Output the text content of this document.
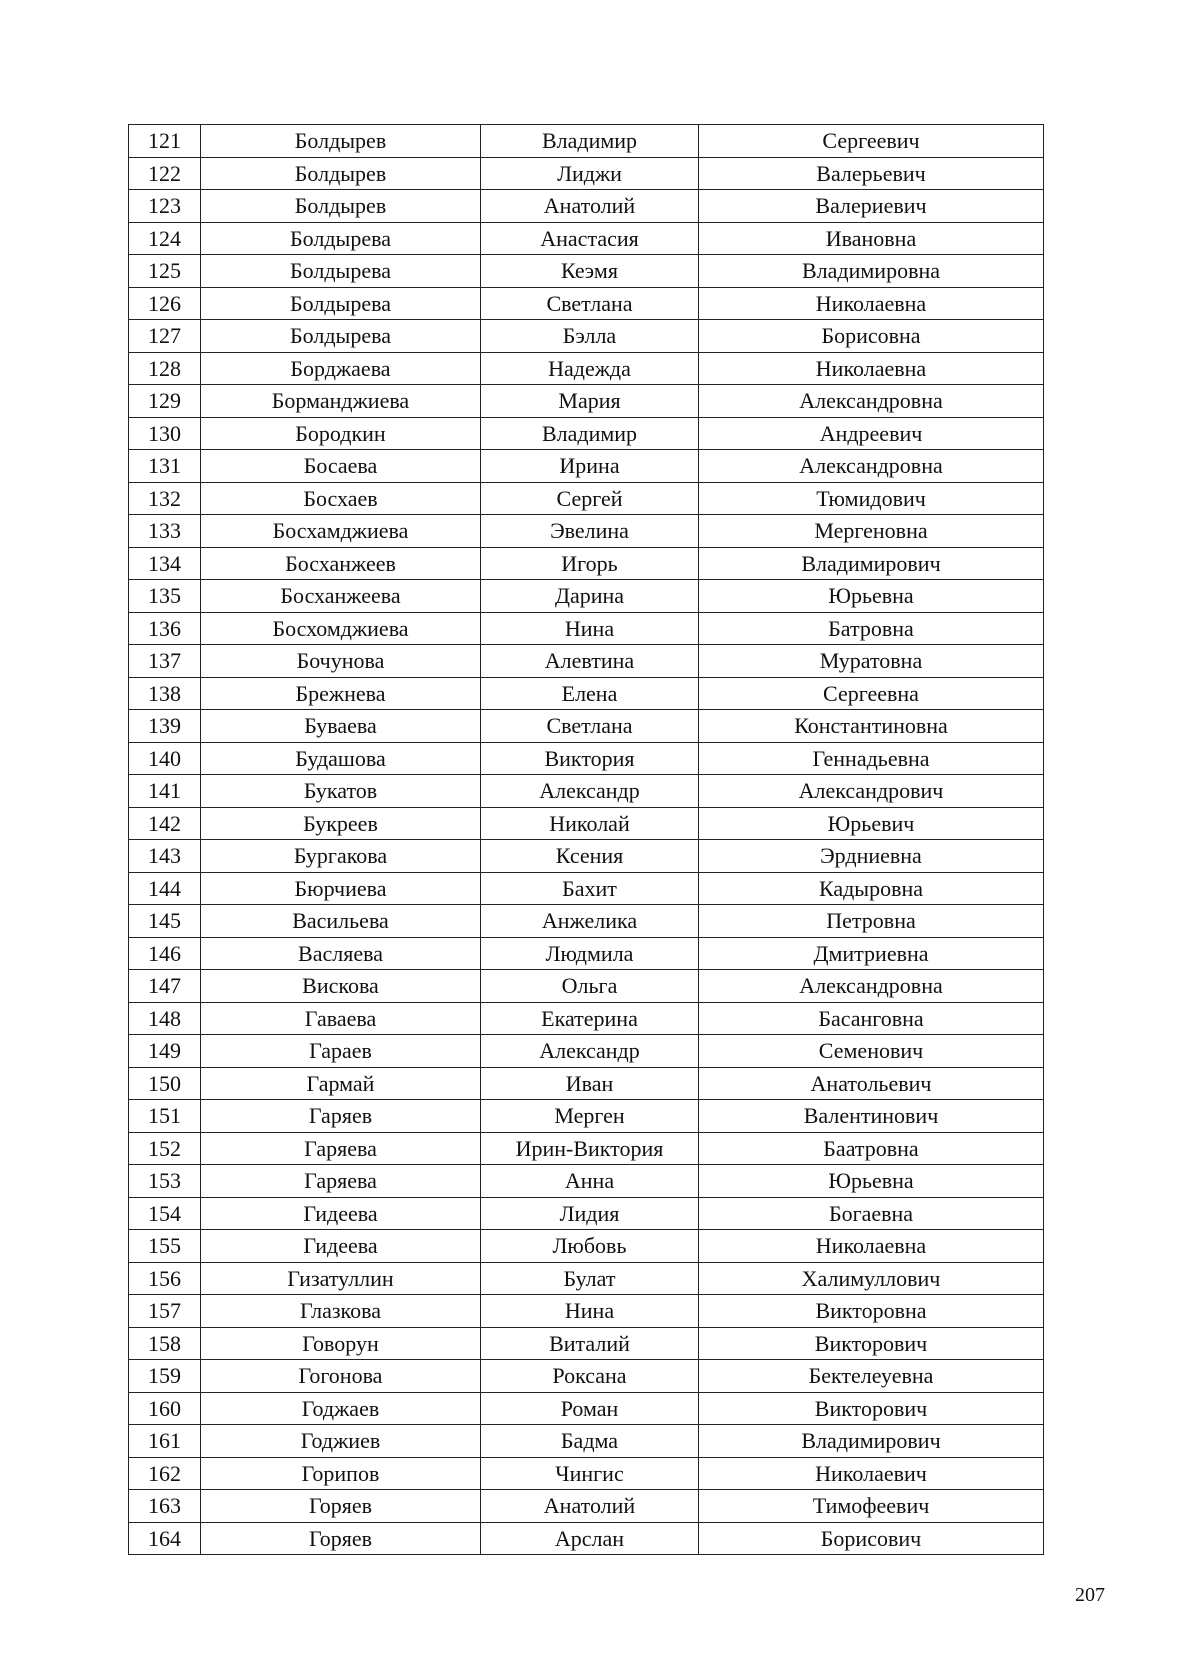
121	Болдырев	Владимир	Сергеевич
122	Болдырев	Лиджи	Валерьевич
123	Болдырев	Анатолий	Валериевич
124	Болдырева	Анастасия	Ивановна
125	Болдырева	Кеэмя	Владимировна
126	Болдырева	Светлана	Николаевна
127	Болдырева	Бэлла	Борисовна
128	Борджаева	Надежда	Николаевна
129	Борманджиева	Мария	Александровна
130	Бородкин	Владимир	Андреевич
131	Босаева	Ирина	Александровна
132	Босхаев	Сергей	Тюмидович
133	Босхамджиева	Эвелина	Мергеновна
134	Босханжеев	Игорь	Владимирович
135	Босханжеева	Дарина	Юрьевна
136	Босхомджиева	Нина	Батровна
137	Бочунова	Алевтина	Муратовна
138	Брежнева	Елена	Сергеевна
139	Буваева	Светлана	Константиновна
140	Будашова	Виктория	Геннадьевна
141	Букатов	Александр	Александрович
142	Букреев	Николай	Юрьевич
143	Бургакова	Ксения	Эрдниевна
144	Бюрчиева	Бахит	Кадыровна
145	Васильева	Анжелика	Петровна
146	Васляева	Людмила	Дмитриевна
147	Вискова	Ольга	Александровна
148	Гаваева	Екатерина	Басанговна
149	Гараев	Александр	Семенович
150	Гармай	Иван	Анатольевич
151	Гаряев	Мерген	Валентинович
152	Гаряева	Ирин-Виктория	Баатровна
153	Гаряева	Анна	Юрьевна
154	Гидеева	Лидия	Богаевна
155	Гидеева	Любовь	Николаевна
156	Гизатуллин	Булат	Халимуллович
157	Глазкова	Нина	Викторовна
158	Говорун	Виталий	Викторович
159	Гогонова	Роксана	Бектелеуевна
160	Годжаев	Роман	Викторович
161	Годжиев	Бадма	Владимирович
162	Горипов	Чингис	Николаевич
163	Горяев	Анатолий	Тимофеевич
164	Горяев	Арслан	Борисович
207
